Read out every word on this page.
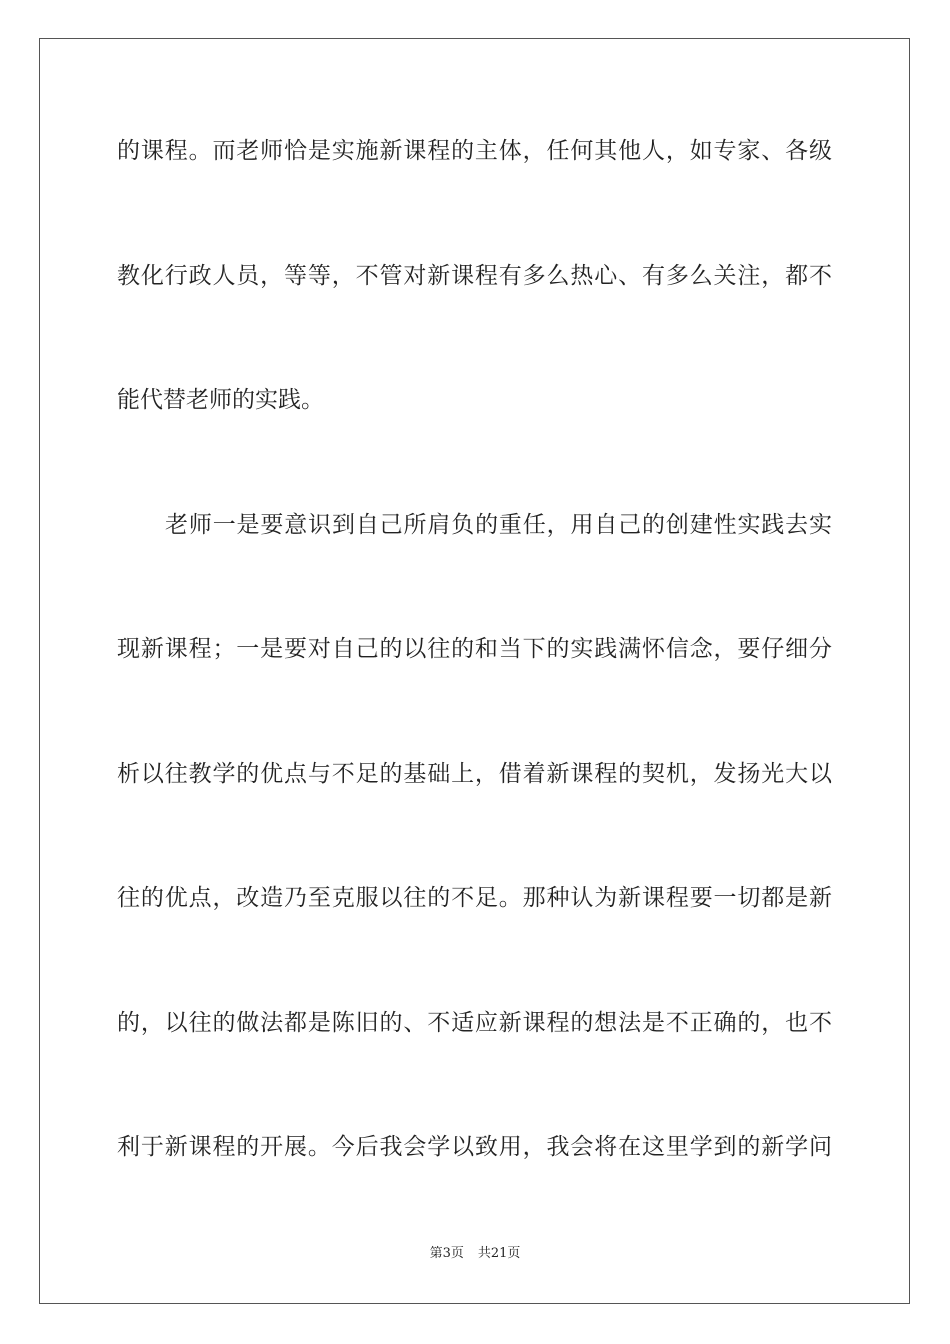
的课程。而老师恰是实施新课程的主体，任何其他人，如专家、各级
教化行政人员，等等，不管对新课程有多么热心、有多么关注，都不
能代替老师的实践。
老师一是要意识到自己所肩负的重任，用自己的创建性实践去实
现新课程；一是要对自己的以往的和当下的实践满怀信念，要仔细分
析以往教学的优点与不足的基础上，借着新课程的契机，发扬光大以
往的优点，改造乃至克服以往的不足。那种认为新课程要一切都是新
的，以往的做法都是陈旧的、不适应新课程的想法是不正确的，也不
利于新课程的开展。今后我会学以致用，我会将在这里学到的新学问
第3页 共21页
